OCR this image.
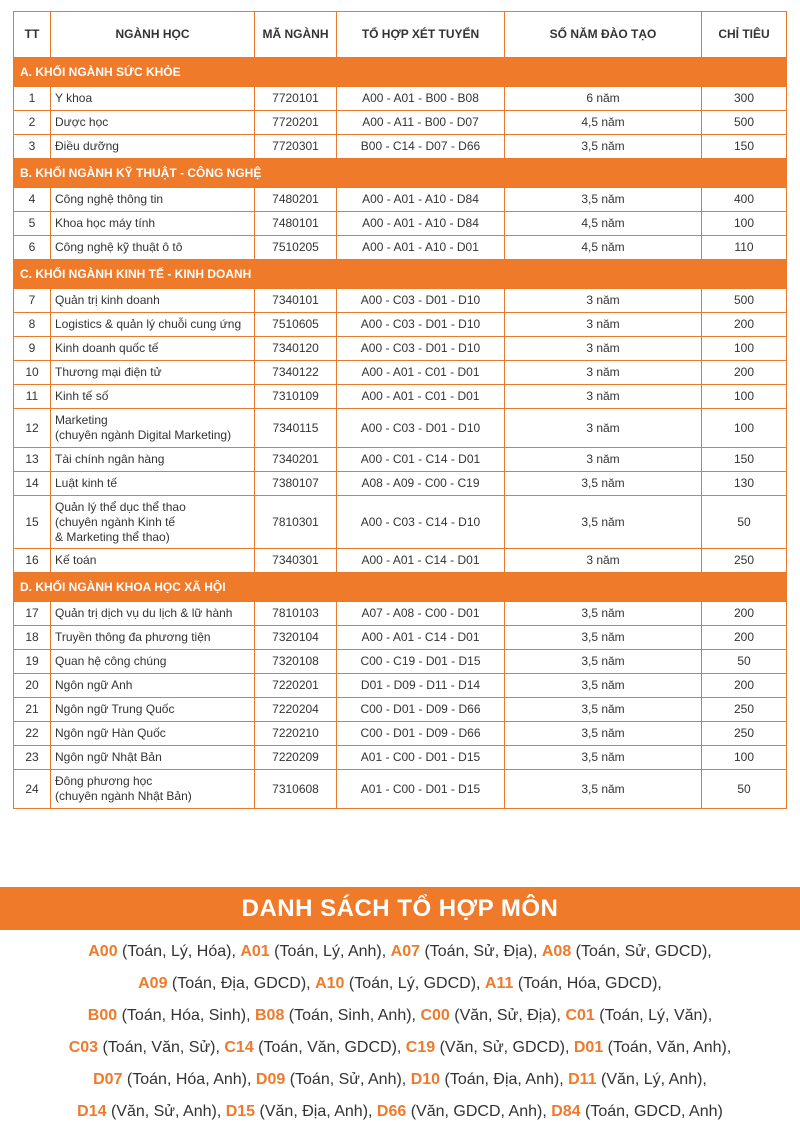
TT	NGÀNH HỌC	MÃ NGÀNH	TỔ HỢP XÉT TUYỂN	SỐ NĂM ĐÀO TẠO	CHỈ TIÊU
A. KHỐI NGÀNH SỨC KHỎE					
1	Y khoa	7720101	A00 - A01 - B00 - B08	6 năm	300
2	Dược học	7720201	A00 - A11 - B00 - D07	4,5 năm	500
3	Điều dưỡng	7720301	B00 - C14 - D07 - D66	3,5 năm	150
B. KHỐI NGÀNH KỸ THUẬT - CÔNG NGHỆ					
4	Công nghệ thông tin	7480201	A00 - A01 - A10 - D84	3,5 năm	400
5	Khoa học máy tính	7480101	A00 - A01 - A10 - D84	4,5 năm	100
6	Công nghệ kỹ thuật ô tô	7510205	A00 - A01 - A10 - D01	4,5 năm	110
C. KHỐI NGÀNH KINH TẾ - KINH DOANH					
7	Quản trị kinh doanh	7340101	A00 - C03 - D01 - D10	3 năm	500
8	Logistics & quản lý chuỗi cung ứng	7510605	A00 - C03 - D01 - D10	3 năm	200
9	Kinh doanh quốc tế	7340120	A00 - C03 - D01 - D10	3 năm	100
10	Thương mại điện tử	7340122	A00 - A01 - C01 - D01	3 năm	200
11	Kinh tế số	7310109	A00 - A01 - C01 - D01	3 năm	100
12	Marketing
(chuyên ngành Digital Marketing)	7340115	A00 - C03 - D01 - D10	3 năm	100
13	Tài chính ngân hàng	7340201	A00 - C01 - C14 - D01	3 năm	150
14	Luật kinh tế	7380107	A08 - A09 - C00 - C19	3,5 năm	130
15	Quản lý thể dục thể thao
(chuyên ngành Kinh tế
& Marketing thể thao)	7810301	A00 - C03 - C14 - D10	3,5 năm	50
16	Kế toán	7340301	A00 - A01 - C14 - D01	3 năm	250
D. KHỐI NGÀNH KHOA HỌC XÃ HỘI					
17	Quản trị dịch vụ du lịch & lữ hành	7810103	A07 - A08 - C00 - D01	3,5 năm	200
18	Truyền thông đa phương tiện	7320104	A00 - A01 - C14 - D01	3,5 năm	200
19	Quan hệ công chúng	7320108	C00 - C19 - D01 - D15	3,5 năm	50
20	Ngôn ngữ Anh	7220201	D01 - D09 - D11 - D14	3,5 năm	200
21	Ngôn ngữ Trung Quốc	7220204	C00 - D01 - D09 - D66	3,5 năm	250
22	Ngôn ngữ Hàn Quốc	7220210	C00 - D01 - D09 - D66	3,5 năm	250
23	Ngôn ngữ Nhật Bản	7220209	A01 - C00 - D01 - D15	3,5 năm	100
24	Đông phương học
(chuyên ngành Nhật Bản)	7310608	A01 - C00 - D01 - D15	3,5 năm	50
DANH SÁCH TỔ HỢP MÔN
A00 (Toán, Lý, Hóa), A01 (Toán, Lý, Anh), A07 (Toán, Sử, Địa), A08 (Toán, Sử, GDCD),
A09 (Toán, Địa, GDCD), A10 (Toán, Lý, GDCD), A11 (Toán, Hóa, GDCD),
B00 (Toán, Hóa, Sinh), B08 (Toán, Sinh, Anh), C00 (Văn, Sử, Địa), C01 (Toán, Lý, Văn),
C03 (Toán, Văn, Sử), C14 (Toán, Văn, GDCD), C19 (Văn, Sử, GDCD), D01 (Toán, Văn, Anh),
D07 (Toán, Hóa, Anh), D09 (Toán, Sử, Anh), D10 (Toán, Địa, Anh), D11 (Văn, Lý, Anh),
D14 (Văn, Sử, Anh), D15 (Văn, Địa, Anh), D66 (Văn, GDCD, Anh), D84 (Toán, GDCD, Anh)
